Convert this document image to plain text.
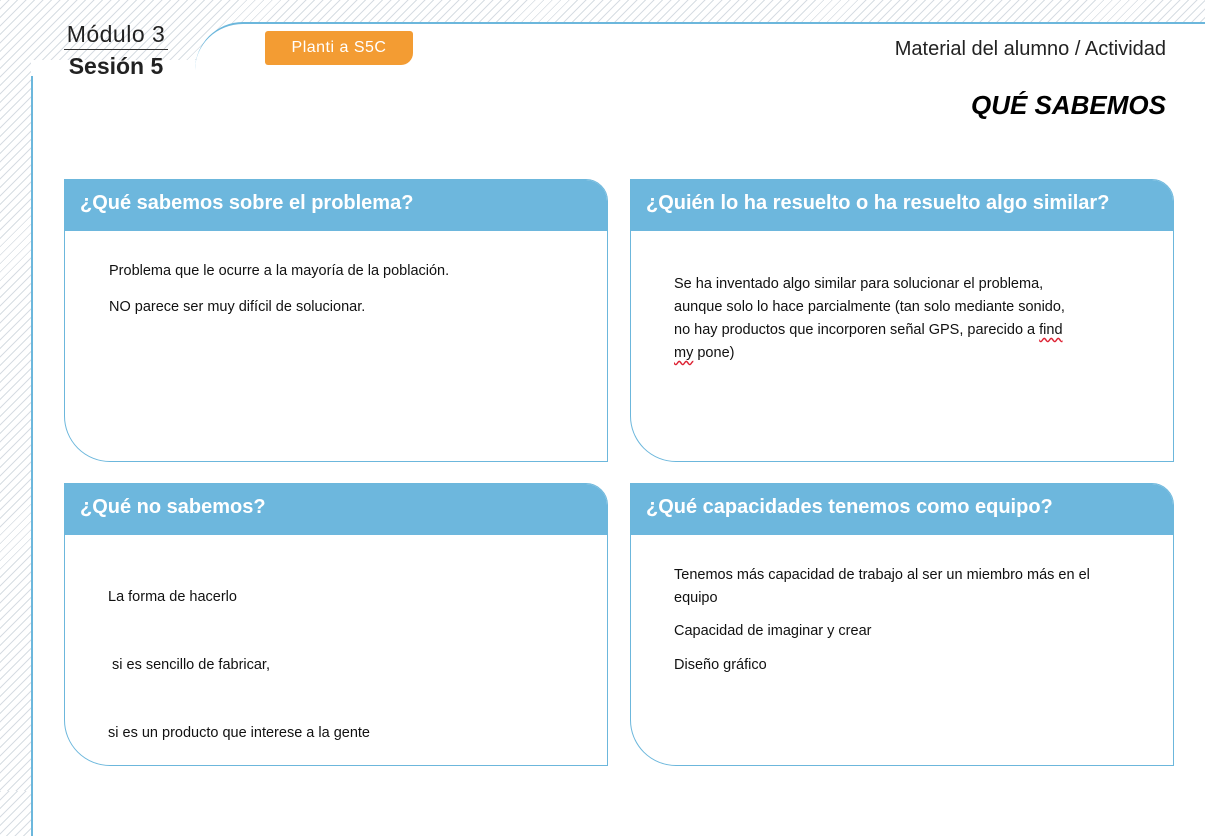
Módulo 3
Sesión 5
Planti a S5C	Material del alumno / Actividad
QUÉ SABEMOS
¿Qué sabemos sobre el problema?

Problema que le ocurre a la mayoría de la población.

NO parece ser muy difícil de solucionar.

¿Quién lo ha resuelto o ha resuelto algo similar?

Se ha inventado algo similar para solucionar el problema, aunque solo lo hace parcialmente (tan solo mediante sonido, no hay productos que incorporen señal GPS, parecido a find my pone)

¿Qué no sabemos?

La forma de hacerlo

si es sencillo de fabricar,

si es un producto que interese a la gente

¿Qué capacidades tenemos como equipo?

Tenemos más capacidad de trabajo al ser un miembro más en el equipo

Capacidad de imaginar y crear

Diseño gráfico
